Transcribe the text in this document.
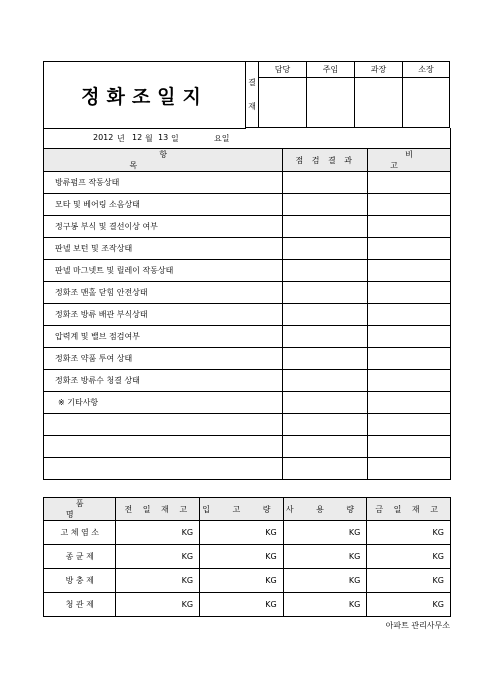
정화조일지
결
재	담당	주임	과장	소장

2012 년 12 월 13 일	요일
항 목	점 검 결 과	비 고
방류펌프 작동상태		
모타 및 베어링 소음상태		
정구봉 부식 및 결선이상 여부		
판넬 보턴 및 조작상태		
판넬 마그넷트 및 릴레이 작동상태		
정화조 맨홀 닫힘 안전상태		
정화조 방류 배관 부식상태		
압력계 및 밸브 점검여부		
정화조 약품 투여 상태		
정화조 방류수 청결 상태		
※ 기타사항		

품 명	전 일 재 고	입 고 량	사 용 량	금 일 재 고
고 체 염 소	KG	KG	KG	KG
종 균 제	KG	KG	KG	KG
방 충 제	KG	KG	KG	KG
청 관 제	KG	KG	KG	KG
아파트 관리사무소
